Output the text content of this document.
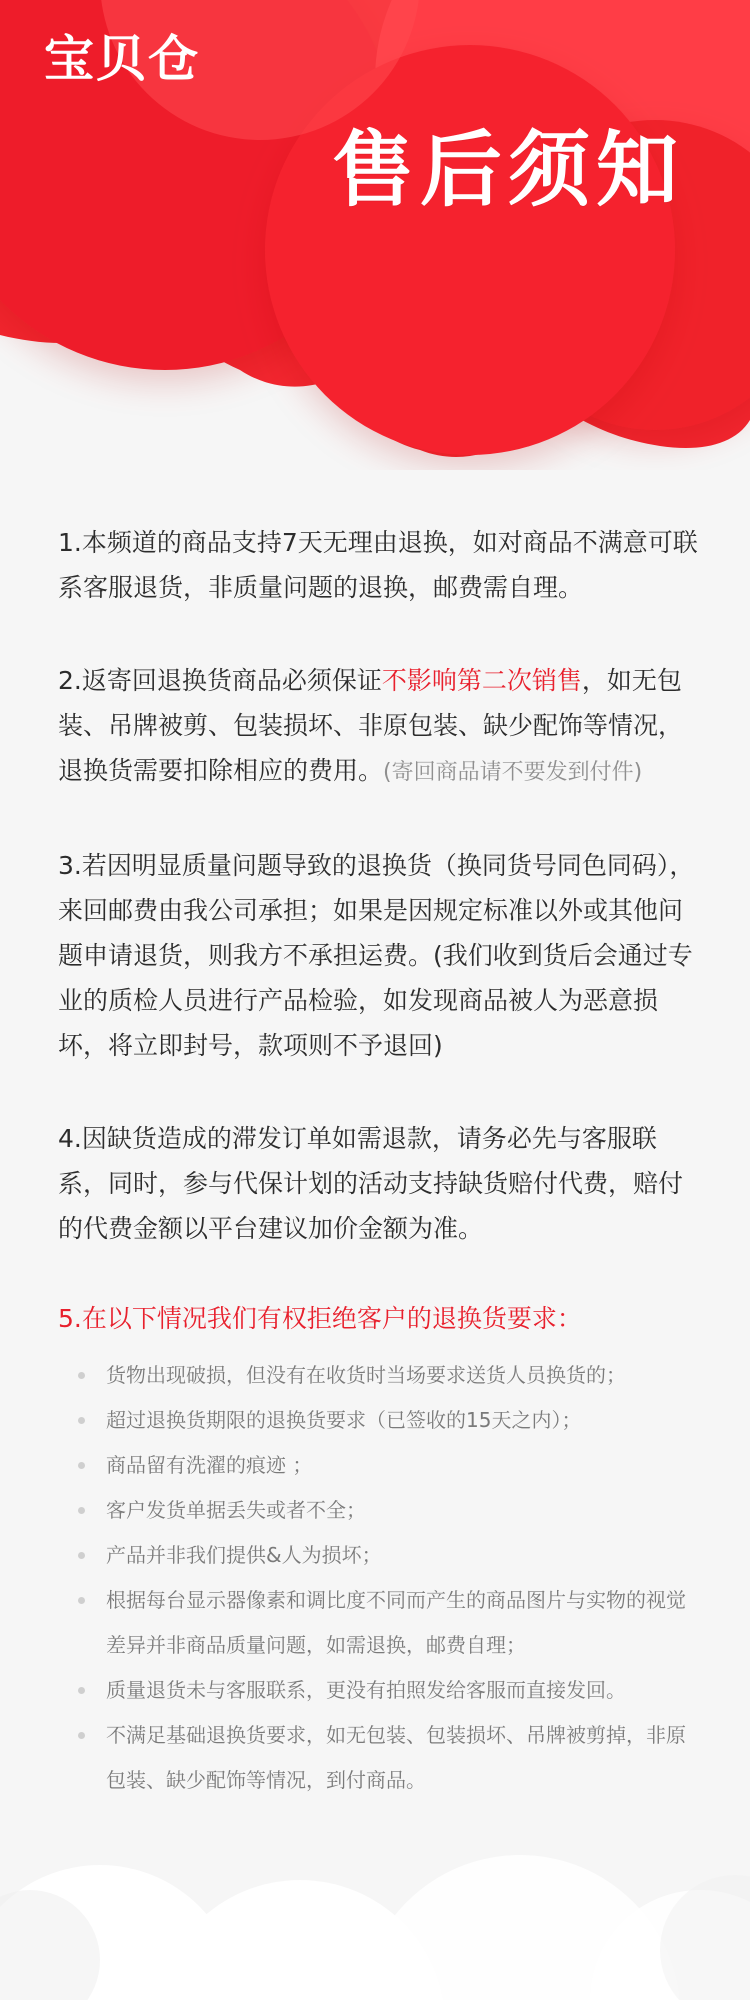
宝贝仓
售后须知

1.本频道的商品支持7天无理由退换，如对商品不满意可联系客服退货，非质量问题的退换，邮费需自理。

2.返寄回退换货商品必须保证不影响第二次销售，如无包装、吊牌被剪、包装损坏、非原包装、缺少配饰等情况，退换货需要扣除相应的费用。(寄回商品请不要发到付件)

3.若因明显质量问题导致的退换货（换同货号同色同码），来回邮费由我公司承担；如果是因规定标准以外或其他问题申请退货，则我方不承担运费。(我们收到货后会通过专业的质检人员进行产品检验，如发现商品被人为恶意损坏，将立即封号，款项则不予退回)

4.因缺货造成的滞发订单如需退款，请务必先与客服联系，同时，参与代保计划的活动支持缺货赔付代费，赔付的代费金额以平台建议加价金额为准。

5.在以下情况我们有权拒绝客户的退换货要求：
货物出现破损，但没有在收货时当场要求送货人员换货的；
超过退换货期限的退换货要求（已签收的15天之内）；
商品留有洗濯的痕迹 ；
客户发货单据丢失或者不全；
产品并非我们提供&人为损坏；
根据每台显示器像素和调比度不同而产生的商品图片与实物的视觉差异并非商品质量问题，如需退换，邮费自理；
质量退货未与客服联系，更没有拍照发给客服而直接发回。
不满足基础退换货要求，如无包装、包装损坏、吊牌被剪掉，非原包装、缺少配饰等情况，到付商品。
